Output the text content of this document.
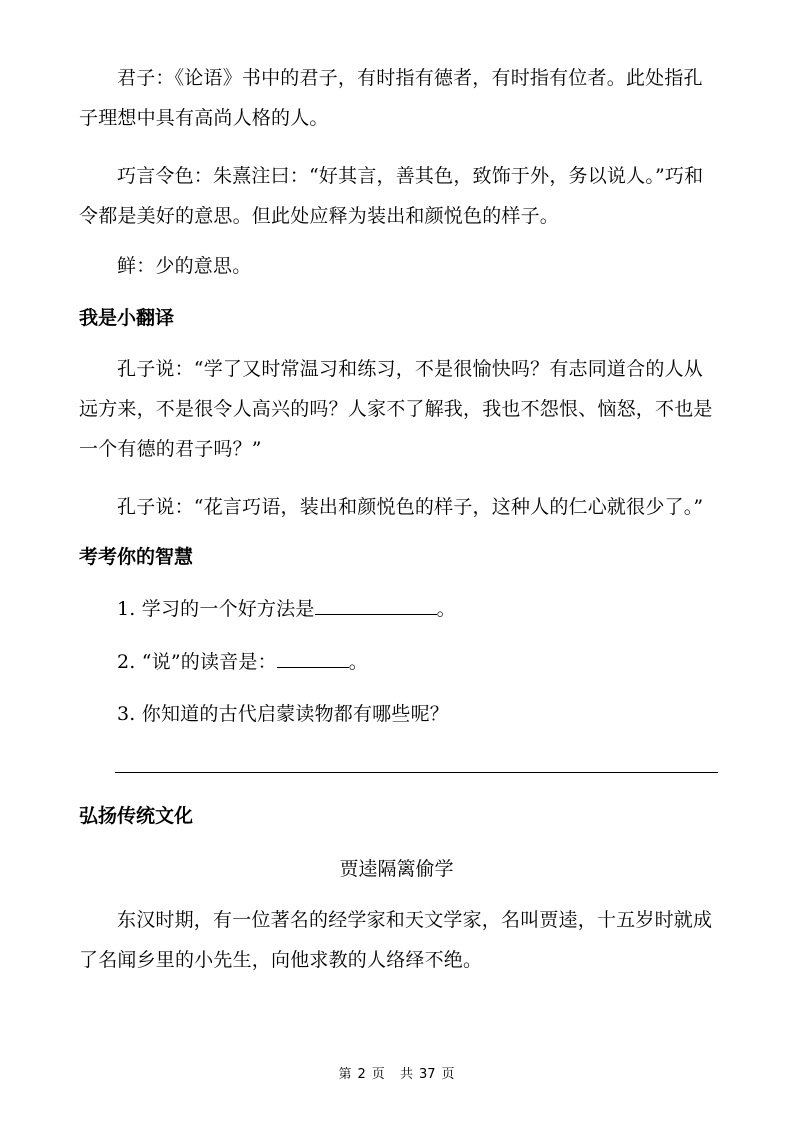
君子：《论语》书中的君子，有时指有德者，有时指有位者。此处指孔子理想中具有高尚人格的人。

巧言令色：朱熹注曰：“好其言，善其色，致饰于外，务以说人。”巧和令都是美好的意思。但此处应释为装出和颜悦色的样子。

鲜：少的意思。

我是小翻译

孔子说：“学了又时常温习和练习，不是很愉快吗？有志同道合的人从远方来，不是很令人高兴的吗？人家不了解我，我也不怨恨、恼怒，不也是一个有德的君子吗？”

孔子说：“花言巧语，装出和颜悦色的样子，这种人的仁心就很少了。”

考考你的智慧

1. 学习的一个好方法是	。

2. “说”的读音是：	。

3. 你知道的古代启蒙读物都有哪些呢？

弘扬传统文化

贾逵隔篱偷学

东汉时期，有一位著名的经学家和天文学家，名叫贾逵，十五岁时就成了名闻乡里的小先生，向他求教的人络绎不绝。

第 2 页 共 37 页
